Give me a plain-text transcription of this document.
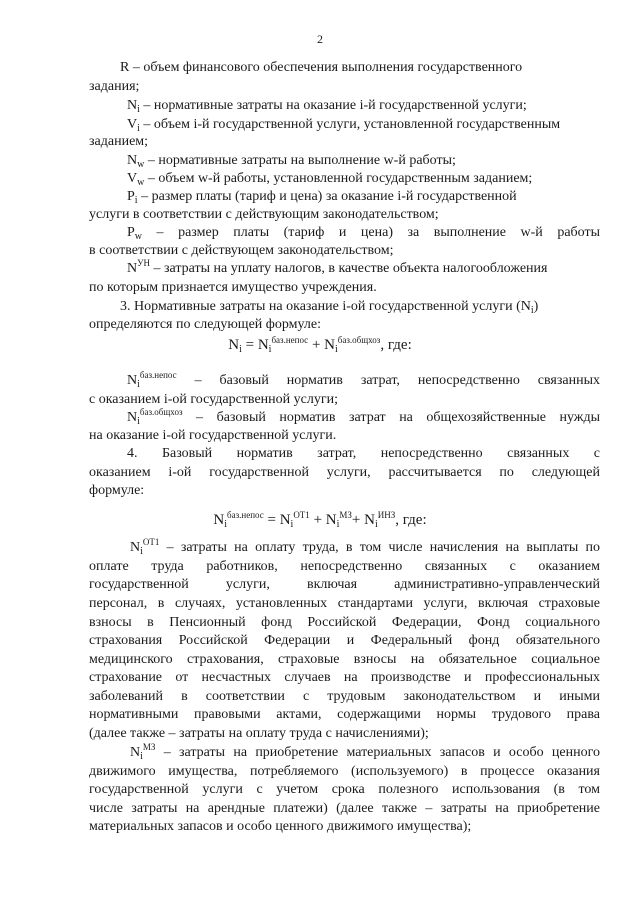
2
R – объем финансового обеспечения выполнения государственного
задания;
$N_i$ – нормативные затраты на оказание i-й государственной услуги;
$V_i$ – объем i-й государственной услуги, установленной государственным
заданием;
$N_w$ – нормативные затраты на выполнение w-й работы;
$V_w$ – объем w-й работы, установленной государственным заданием;
$P_i$ – размер платы (тариф и цена) за оказание i-й государственной
услуги в соответствии с действующим законодательством;
$P_w$ – размер платы (тариф и цена) за выполнение w-й работы
в соответствии с действующем законодательством;
$N^{УН}$ – затраты на уплату налогов, в качестве объекта налогообложения
по которым признается имущество учреждения.
3. Нормативные затраты на оказание i-ой государственной услуги $(N_i)$
определяются по следующей формуле:
$N_i = N_i^{баз.непос} + N_i^{баз.общхоз}$, где:
$N_i^{баз.непос}$ – базовый норматив затрат, непосредственно связанных
с оказанием i-ой государственной услуги;
$N_i^{баз.общхоз}$ – базовый норматив затрат на общехозяйственные нужды
на оказание i-ой государственной услуги.
4. Базовый норматив затрат, непосредственно связанных с
оказанием i-ой государственной услуги, рассчитывается по следующей
формуле:
$N_i^{баз.непос} = N_i^{ОТ1} + N_i^{МЗ}+ N_i^{ИНЗ}$, где:
$N_i^{ОТ1}$ – затраты на оплату труда, в том числе начисления на выплаты по
оплате труда работников, непосредственно связанных с оказанием
государственной услуги, включая административно-управленческий
персонал, в случаях, установленных стандартами услуги, включая страховые
взносы в Пенсионный фонд Российской Федерации, Фонд социального
страхования Российской Федерации и Федеральный фонд обязательного
медицинского страхования, страховые взносы на обязательное социальное
страхование от несчастных случаев на производстве и профессиональных
заболеваний в соответствии с трудовым законодательством и иными
нормативными правовыми актами, содержащими нормы трудового права
(далее также – затраты на оплату труда с начислениями);
$N_i^{МЗ}$ – затраты на приобретение материальных запасов и особо ценного
движимого имущества, потребляемого (используемого) в процессе оказания
государственной услуги с учетом срока полезного использования (в том
числе затраты на арендные платежи) (далее также – затраты на приобретение
материальных запасов и особо ценного движимого имущества);
